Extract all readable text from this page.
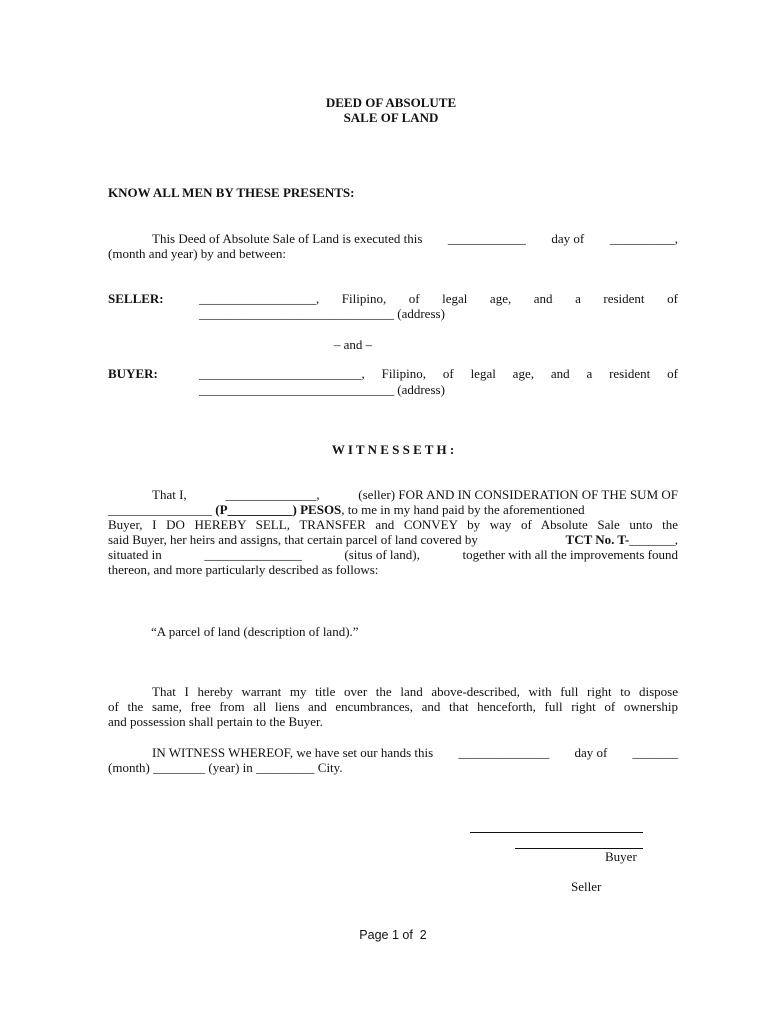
DEED OF ABSOLUTE
SALE OF LAND
KNOW ALL MEN BY THESE PRESENTS:
This Deed of Absolute Sale of Land is executed this ____________ day of __________,
(month and year) by and between:
SELLER:	__________________, Filipino, of legal age, and a resident of
______________________________ (address)
– and –
BUYER:	_________________________, Filipino, of legal age, and a resident of
______________________________ (address)
W I T N E S S E T H :
That I,	______________,	(seller) FOR AND IN CONSIDERATION OF THE SUM OF
________________ (P__________) PESOS, to me in my hand paid by the aforementioned
Buyer, I DO HEREBY SELL, TRANSFER and CONVEY by way of Absolute Sale unto the
said Buyer, her heirs and assigns, that certain parcel of land covered by	TCT No. T-_______,
situated in	_______________	(situs of land),	together with all the improvements found
thereon, and more particularly described as follows:
“A parcel of land (description of land).”
That I hereby warrant my title over the land above-described, with full right to dispose
of the same, free from all liens and encumbrances, and that henceforth, full right of ownership
and possession shall pertain to the Buyer.
IN WITNESS WHEREOF, we have set our hands this ______________ day of _______
(month) ________ (year) in _________ City.
Buyer
Seller
Page 1 of  2
